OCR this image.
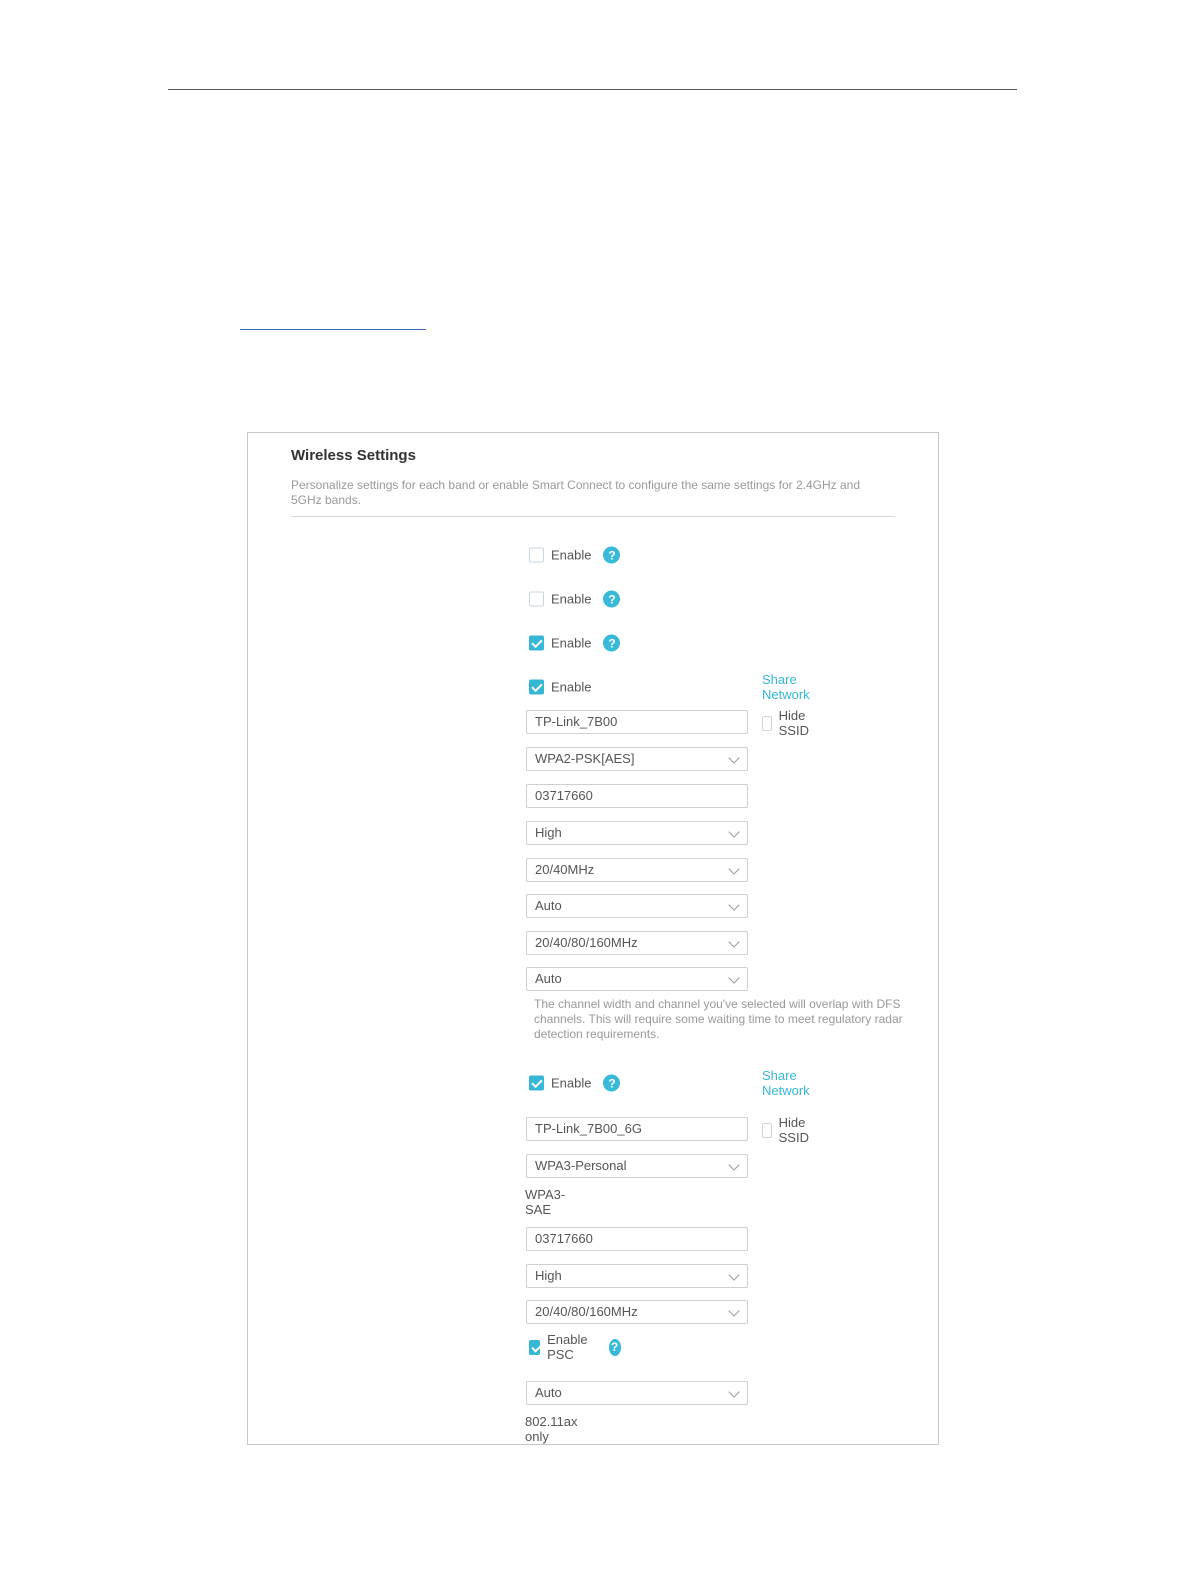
Wireless Settings
Personalize settings for each band or enable Smart Connect to configure the same settings for 2.4GHz and 5GHz bands.
Enable	?
Enable	?
Enable	?
Enable	Share Network
TP-Link_7B00	Hide SSID
WPA2-PSK[AES]
03717660
High
20/40MHz
Auto
20/40/80/160MHz
Auto
The channel width and channel you've selected will overlap with DFS channels. This will require some waiting time to meet regulatory radar detection requirements.
Enable	?	Share Network
TP-Link_7B00_6G	Hide SSID
WPA3-Personal
WPA3-SAE
03717660
High
20/40/80/160MHz
Enable PSC	?
Auto
802.11ax only
